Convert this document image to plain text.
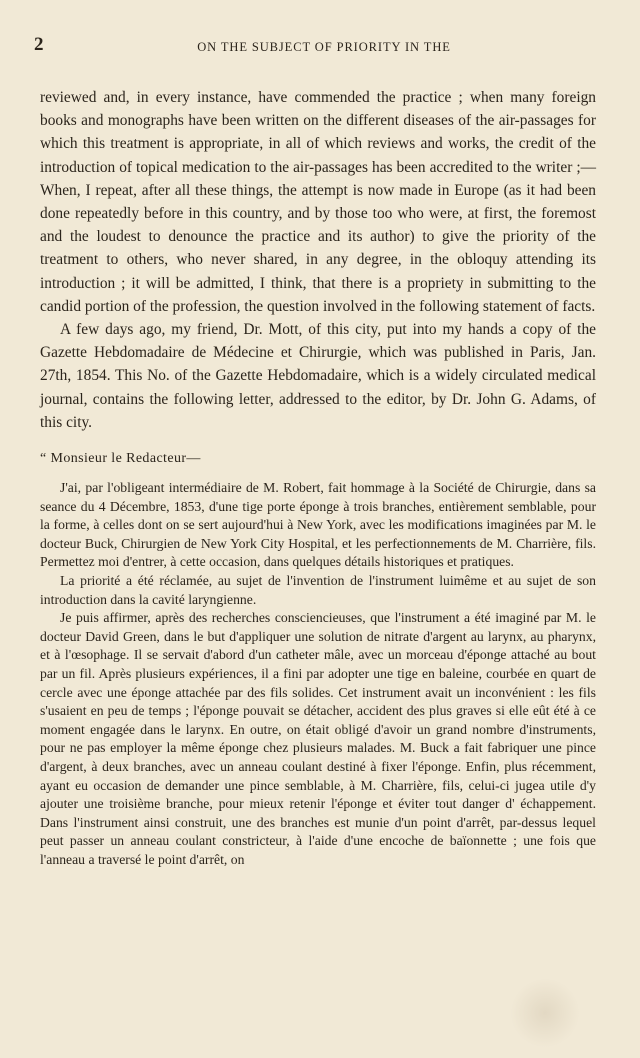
2	ON THE SUBJECT OF PRIORITY IN THE

reviewed and, in every instance, have commended the practice ; when many foreign books and monographs have been written on the different diseases of the air-passages for which this treatment is appropriate, in all of which reviews and works, the credit of the introduction of topical medication to the air-passages has been accredited to the writer ;—When, I repeat, after all these things, the attempt is now made in Europe (as it had been done repeatedly before in this country, and by those too who were, at first, the foremost and the loudest to denounce the practice and its author) to give the priority of the treatment to others, who never shared, in any degree, in the obloquy attending its introduction ; it will be admitted, I think, that there is a propriety in submitting to the candid portion of the profession, the question involved in the following statement of facts.

A few days ago, my friend, Dr. Mott, of this city, put into my hands a copy of the Gazette Hebdomadaire de Médecine et Chirurgie, which was published in Paris, Jan. 27th, 1854. This No. of the Gazette Hebdomadaire, which is a widely circulated medical journal, contains the following letter, addressed to the editor, by Dr. John G. Adams, of this city.

“ Monsieur le Redacteur—

J'ai, par l'obligeant intermédiaire de M. Robert, fait hommage à la Société de Chirurgie, dans sa seance du 4 Décembre, 1853, d'une tige porte éponge à trois branches, entièrement semblable, pour la forme, à celles dont on se sert aujourd'hui à New York, avec les modifications imaginées par M. le docteur Buck, Chirurgien de New York City Hospital, et les perfectionnements de M. Charrière, fils. Permettez moi d'entrer, à cette occasion, dans quelques détails historiques et pratiques.

La priorité a été réclamée, au sujet de l'invention de l'instrument luimême et au sujet de son introduction dans la cavité laryngienne.

Je puis affirmer, après des recherches consciencieuses, que l'instrument a été imaginé par M. le docteur David Green, dans le but d'appliquer une solution de nitrate d'argent au larynx, au pharynx, et à l'œsophage. Il se servait d'abord d'un catheter mâle, avec un morceau d'éponge attaché au bout par un fil. Après plusieurs expériences, il a fini par adopter une tige en baleine, courbée en quart de cercle avec une éponge attachée par des fils solides. Cet instrument avait un inconvénient : les fils s'usaient en peu de temps ; l'éponge pouvait se détacher, accident des plus graves si elle eût été à ce moment engagée dans le larynx. En outre, on était obligé d'avoir un grand nombre d'instruments, pour ne pas employer la même éponge chez plusieurs malades. M. Buck a fait fabriquer une pince d'argent, à deux branches, avec un anneau coulant destiné à fixer l'éponge. Enfin, plus récemment, ayant eu occasion de demander une pince semblable, à M. Charrière, fils, celui-ci jugea utile d'y ajouter une troisième branche, pour mieux retenir l'éponge et éviter tout danger d' échappement. Dans l'instrument ainsi construit, une des branches est munie d'un point d'arrêt, par-dessus lequel peut passer un anneau coulant constricteur, à l'aide d'une encoche de baïonnette ; une fois que l'anneau a traversé le point d'arrêt, on
